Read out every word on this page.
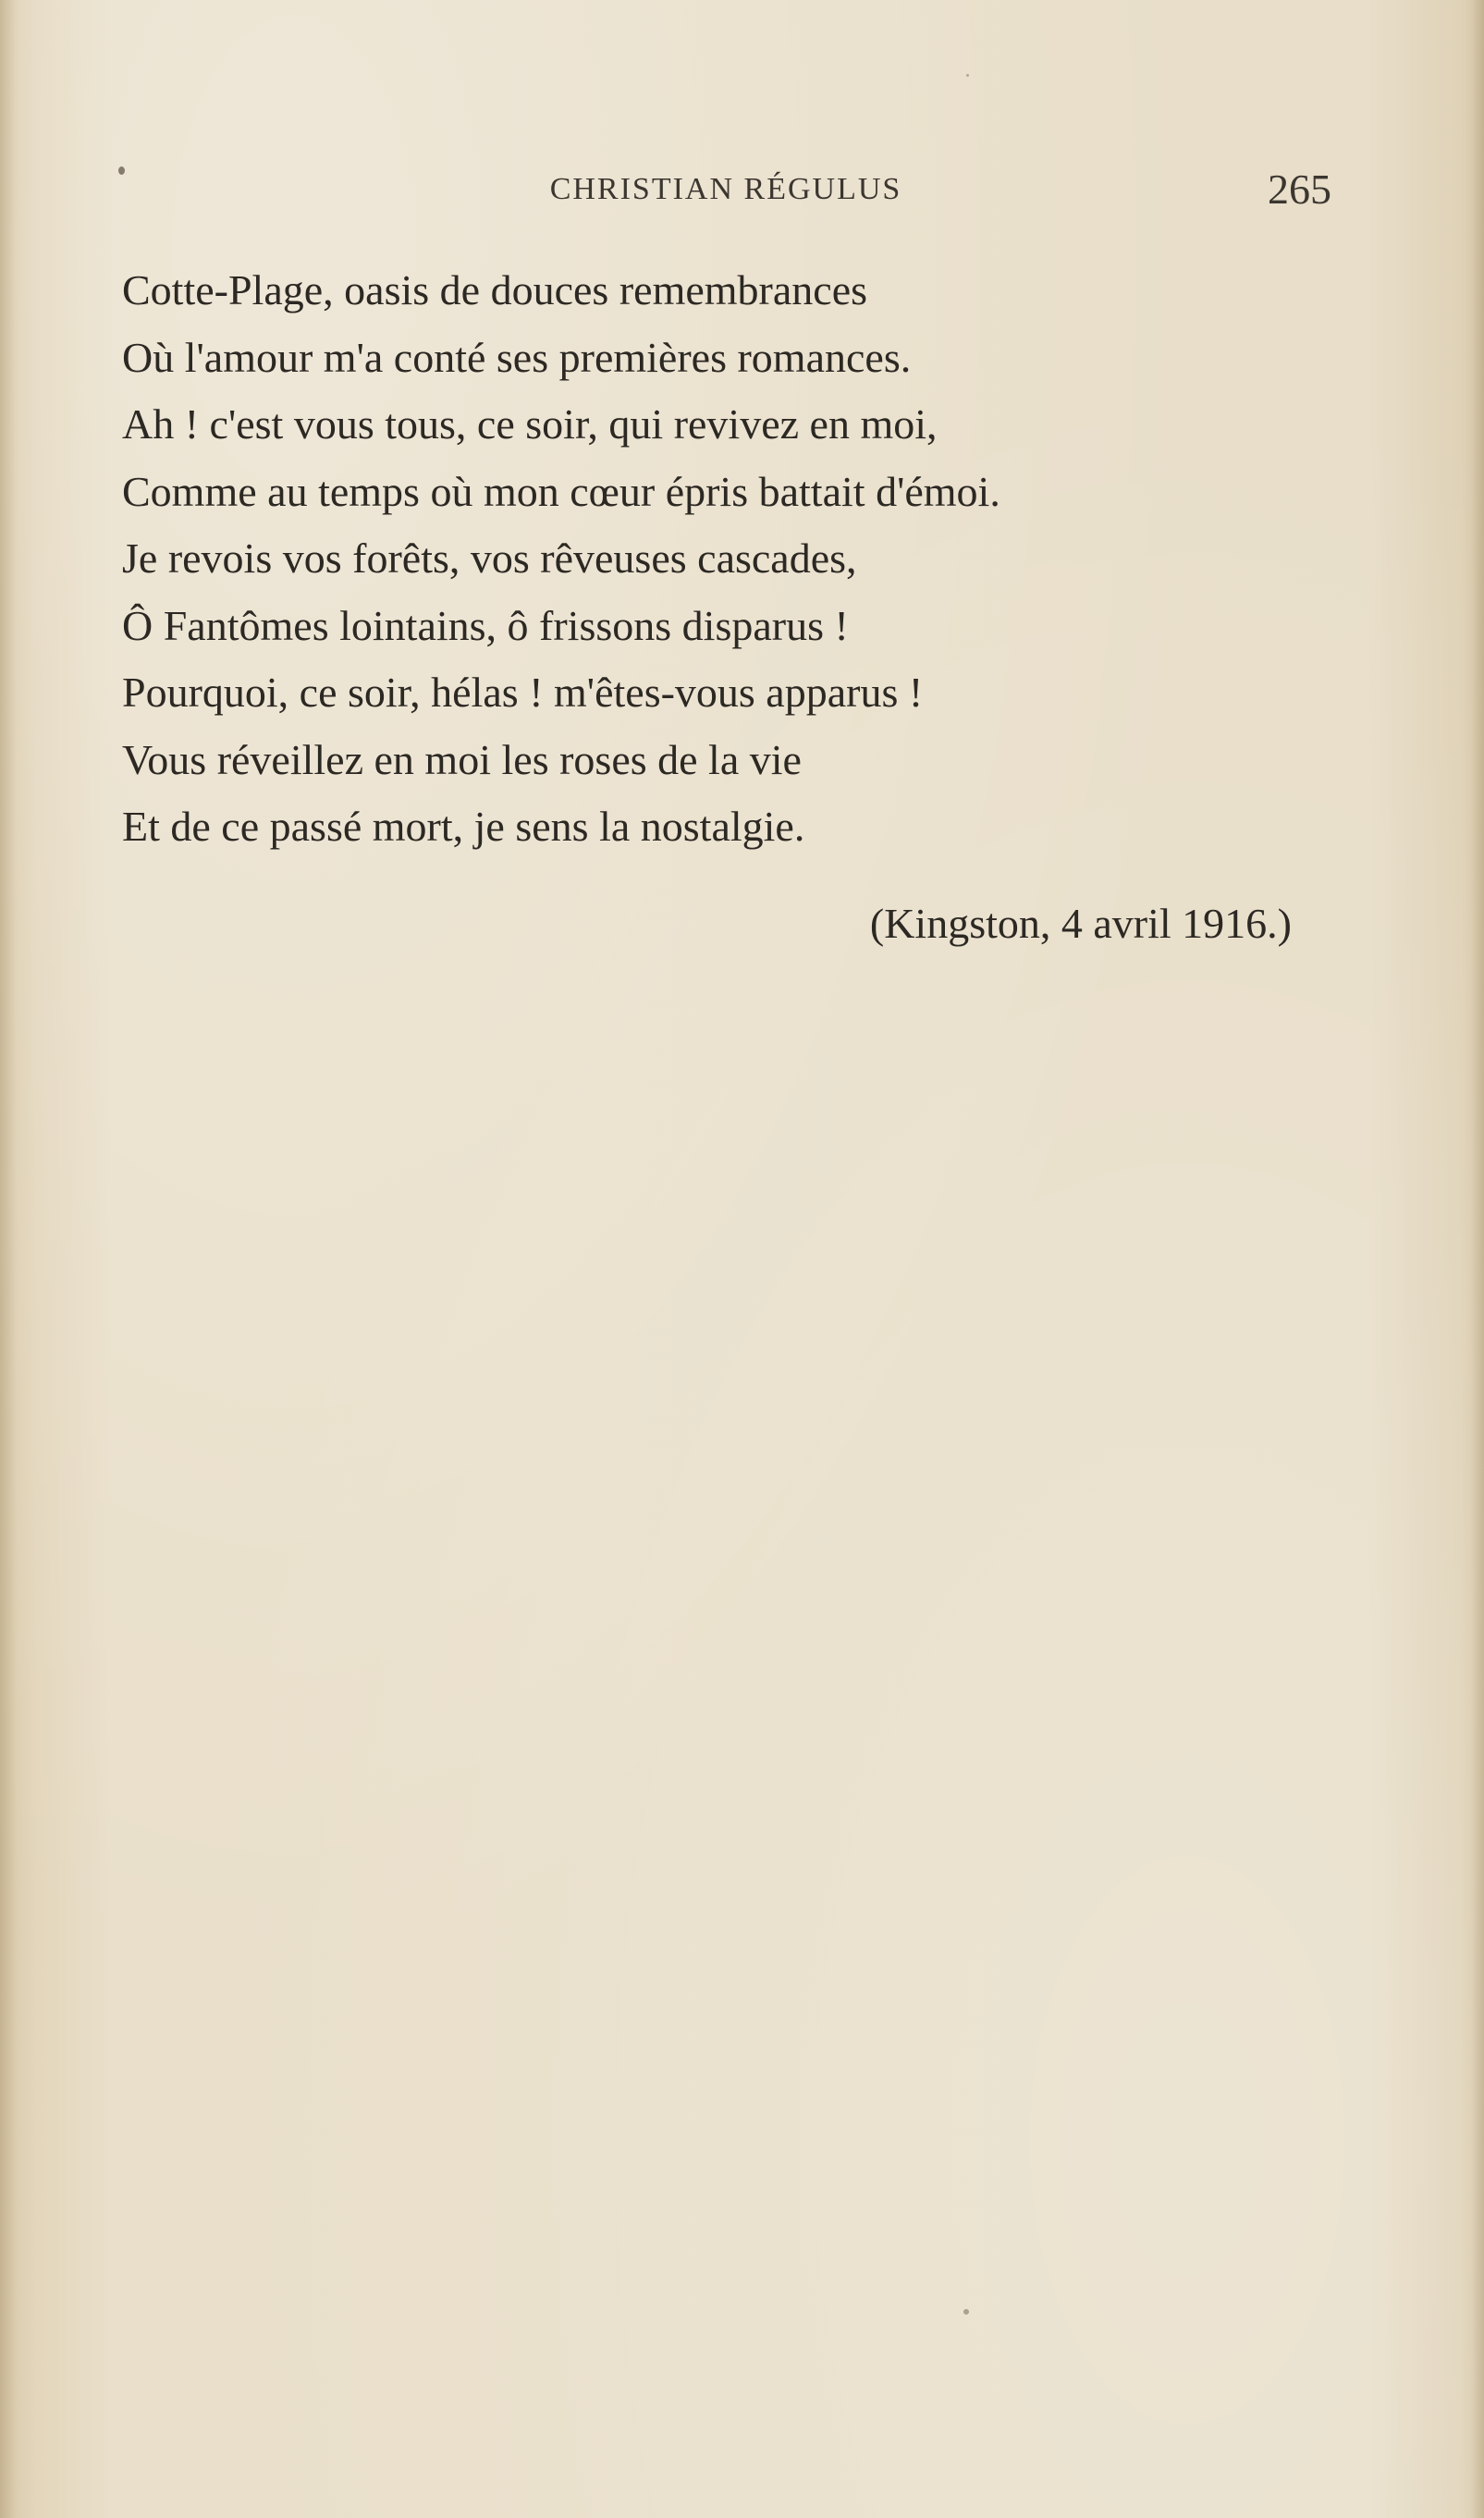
CHRISTIAN RÉGULUS	265
Cotte-Plage, oasis de douces remembrances
Où l'amour m'a conté ses premières romances.
Ah ! c'est vous tous, ce soir, qui revivez en moi,
Comme au temps où mon cœur épris battait d'émoi.
Je revois vos forêts, vos rêveuses cascades,
Ô Fantômes lointains, ô frissons disparus !
Pourquoi, ce soir, hélas ! m'êtes-vous apparus !
Vous réveillez en moi les roses de la vie
Et de ce passé mort, je sens la nostalgie.
(Kingston, 4 avril 1916.)
